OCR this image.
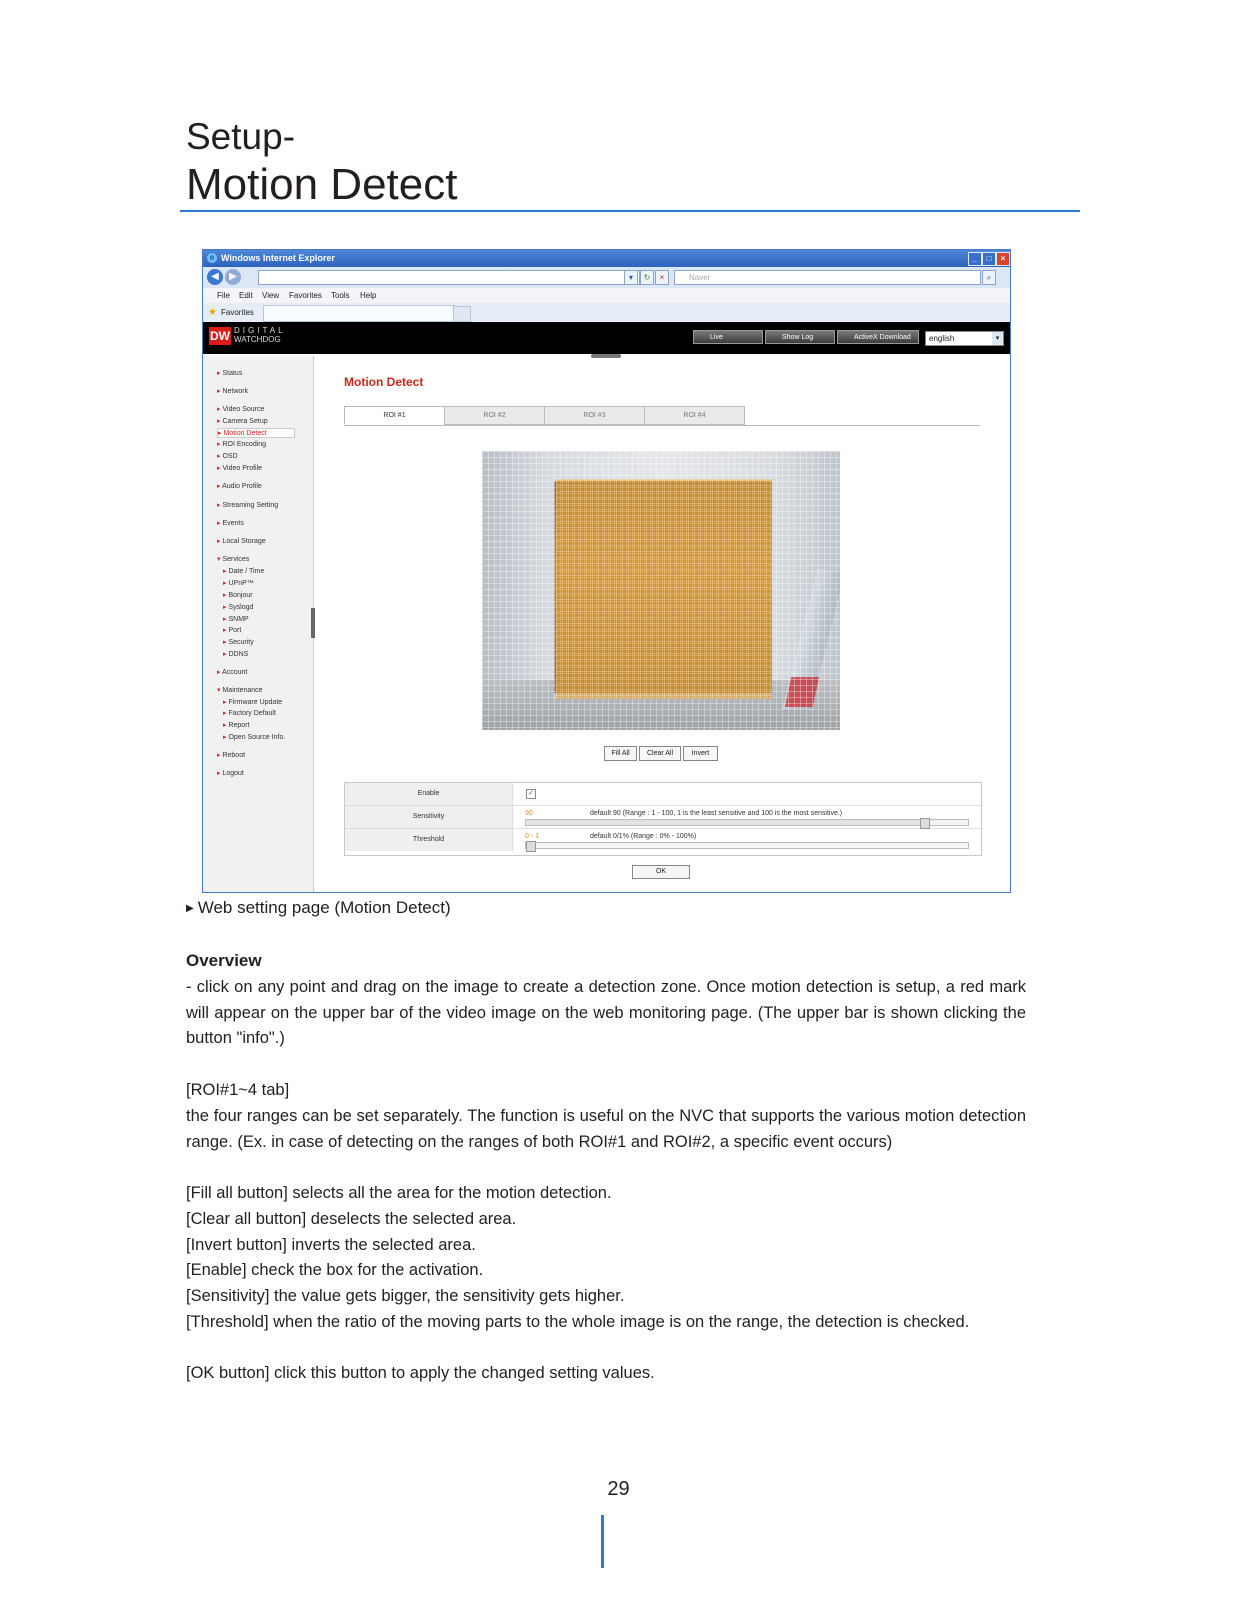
Setup-
Motion Detect
e Windows Internet Explorer	_	□	×
◀	▶	▾	↻	×	Naver	⌕
File Edit View Favorites Tools Help
★ Favorites
DW DIGITAL
WATCHDOG	Live	Show Log	ActiveX Download	english	▾
▸ Status
▸ Network
▸ Video Source
▸ Camera Setup
▸ Motion Detect
▸ ROI Encoding
▸ OSD
▸ Video Profile
▸ Audio Profile
▸ Streaming Setting
▸ Events
▸ Local Storage
▾ Services
▸ Date / Time
▸ UPnP™
▸ Bonjour
▸ Syslogd
▸ SNMP
▸ Port
▸ Security
▸ DDNS
▸ Account
▾ Maintenance
▸ Firmware Update
▸ Factory Default
▸ Report
▸ Open Source Info.
▸ Reboot
▸ Logout
Motion Detect
ROI #1	ROI #2	ROI #3	ROI #4
Fill All	Clear All	Invert
Enable	✓
Sensitivity	90	default 90 (Range : 1 - 100, 1 is the least sensitive and 100 is the most sensitive.)
Threshold	0 - 1	default 0/1% (Range : 0% - 100%)
OK
▶ Web setting page (Motion Detect)
Overview
- click on any point and drag on the image to create a detection zone. Once motion detection is setup, a red mark will appear on the upper bar of the video image on the web monitoring page. (The upper bar is shown clicking the button "info".)
[ROI#1~4 tab]
the four ranges can be set separately. The function is useful on the NVC that supports the various motion detection range. (Ex. in case of detecting on the ranges of both ROI#1 and ROI#2, a specific event occurs)
[Fill all button] selects all the area for the motion detection.
[Clear all button] deselects the selected area.
[Invert button] inverts the selected area.
[Enable] check the box for the activation.
[Sensitivity] the value gets bigger, the sensitivity gets higher.
[Threshold] when the ratio of the moving parts to the whole image is on the range, the detection is checked.
[OK button] click this button to apply the changed setting values.
29
